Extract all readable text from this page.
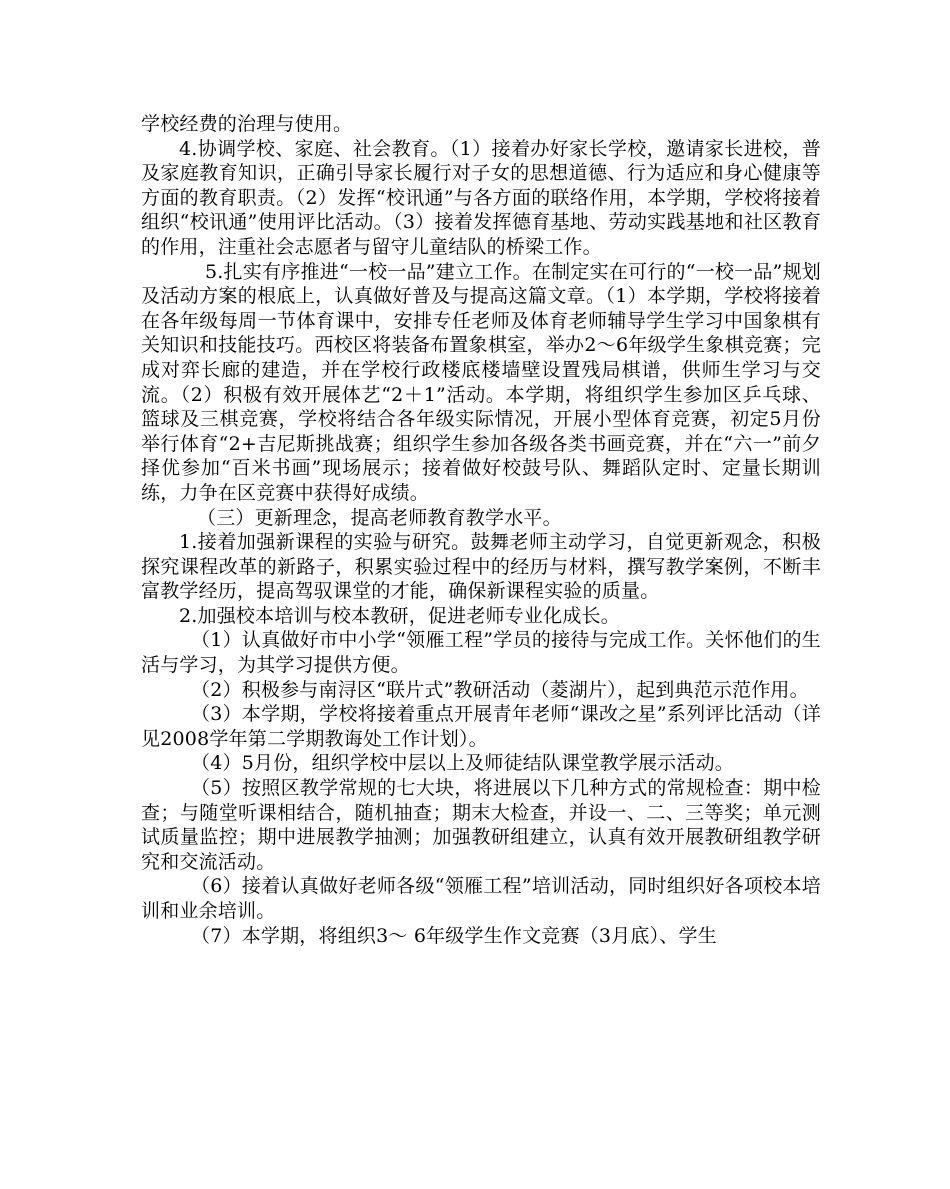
学校经费的治理与使用。

4.协调学校、家庭、社会教育。（1）接着办好家长学校，邀请家长进校，普及家庭教育知识，正确引导家长履行对子女的思想道德、行为适应和身心健康等方面的教育职责。（2）发挥“校讯通”与各方面的联络作用，本学期，学校将接着组织“校讯通”使用评比活动。（3）接着发挥德育基地、劳动实践基地和社区教育的作用，注重社会志愿者与留守儿童结队的桥梁工作。

5.扎实有序推进“一校一品”建立工作。在制定实在可行的“一校一品”规划及活动方案的根底上，认真做好普及与提高这篇文章。（1）本学期，学校将接着在各年级每周一节体育课中，安排专任老师及体育老师辅导学生学习中国象棋有关知识和技能技巧。西校区将装备布置象棋室，举办2～6年级学生象棋竞赛；完成对弈长廊的建造，并在学校行政楼底楼墙壁设置残局棋谱，供师生学习与交流。（2）积极有效开展体艺“2＋1”活动。本学期，将组织学生参加区乒乓球、篮球及三棋竞赛，学校将结合各年级实际情况，开展小型体育竞赛，初定5月份举行体育“2+吉尼斯挑战赛；组织学生参加各级各类书画竞赛，并在“六一”前夕择优参加“百米书画”现场展示；接着做好校鼓号队、舞蹈队定时、定量长期训练，力争在区竞赛中获得好成绩。

（三）更新理念，提高老师教育教学水平。

1.接着加强新课程的实验与研究。鼓舞老师主动学习，自觉更新观念，积极探究课程改革的新路子，积累实验过程中的经历与材料，撰写教学案例，不断丰富教学经历，提高驾驭课堂的才能，确保新课程实验的质量。

2.加强校本培训与校本教研，促进老师专业化成长。

（1）认真做好市中小学“领雁工程”学员的接待与完成工作。关怀他们的生活与学习，为其学习提供方便。

（2）积极参与南浔区“联片式”教研活动（菱湖片），起到典范示范作用。

（3）本学期，学校将接着重点开展青年老师“课改之星”系列评比活动（详见2008学年第二学期教诲处工作计划）。

（4）5月份，组织学校中层以上及师徒结队课堂教学展示活动。

（5）按照区教学常规的七大块，将进展以下几种方式的常规检查：期中检查；与随堂听课相结合，随机抽查；期末大检查，并设一、二、三等奖；单元测试质量监控；期中进展教学抽测；加强教研组建立，认真有效开展教研组教学研究和交流活动。

（6）接着认真做好老师各级“领雁工程”培训活动，同时组织好各项校本培训和业余培训。

（7）本学期，将组织3～ 6年级学生作文竞赛（3月底）、学生
